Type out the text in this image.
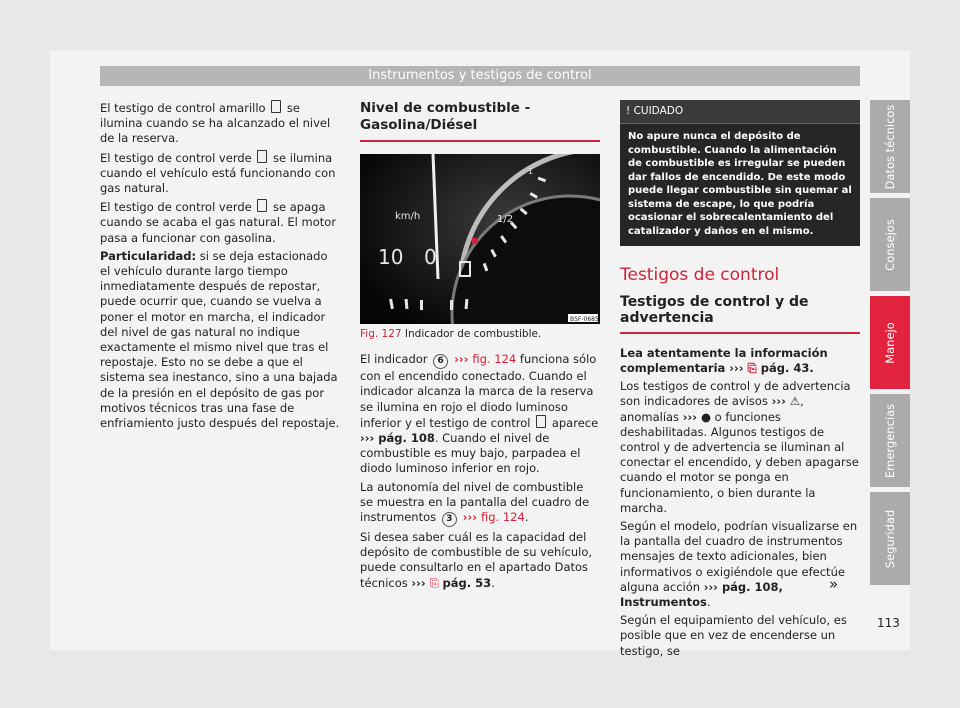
Instrumentos y testigos de control

El testigo de control amarillo  se ilumina cuando se ha alcanzado el nivel de la reserva.

El testigo de control verde  se ilumina cuando el vehículo está funcionando con gas natural.

El testigo de control verde  se apaga cuando se acaba el gas natural. El motor pasa a funcionar con gasolina.

Particularidad: si se deja estacionado el vehículo durante largo tiempo inmediatamente después de repostar, puede ocurrir que, cuando se vuelva a poner el motor en marcha, el indicador del nivel de gas natural no indique exactamente el mismo nivel que tras el repostaje. Esto no se debe a que el sistema sea inestanco, sino a una bajada de la presión en el depósito de gas por motivos técnicos tras una fase de enfriamiento justo después del repostaje.

Nivel de combustible - Gasolina/Diésel
1
1/2
km/h
10 0
B5F-0685
Fig. 127 Indicador de combustible.

El indicador 6 ››› fig. 124 funciona sólo con el encendido conectado. Cuando el indicador alcanza la marca de la reserva se ilumina en rojo el diodo luminoso inferior y el testigo de control  aparece ››› pág. 108. Cuando el nivel de combustible es muy bajo, parpadea el diodo luminoso inferior en rojo.

La autonomía del nivel de combustible se muestra en la pantalla del cuadro de instrumentos 3 ››› fig. 124.

Si desea saber cuál es la capacidad del depósito de combustible de su vehículo, puede consultarlo en el apartado Datos técnicos ››› ⎘ pág. 53.

! CUIDADO
No apure nunca el depósito de combustible. Cuando la alimentación de combustible es irregular se pueden dar fallos de encendido. De este modo puede llegar combustible sin quemar al sistema de escape, lo que podría ocasionar el sobrecalentamiento del catalizador y daños en el mismo.
Testigos de control
Testigos de control y de advertencia

Lea atentamente la información complementaria ››› ⎘ pág. 43.

Los testigos de control y de advertencia son indicadores de avisos ››› ⚠, anomalías ››› ● o funciones deshabilitadas. Algunos testigos de control y de advertencia se iluminan al conectar el encendido, y deben apagarse cuando el motor se ponga en funcionamiento, o bien durante la marcha.

Según el modelo, podrían visualizarse en la pantalla del cuadro de instrumentos mensajes de texto adicionales, bien informativos o exigiéndole que efectúe alguna acción ››› pág. 108, Instrumentos.

Según el equipamiento del vehículo, es posible que en vez de encenderse un testigo, se

»
Datos técnicos
Consejos
Manejo
Emergencias
Seguridad
113
